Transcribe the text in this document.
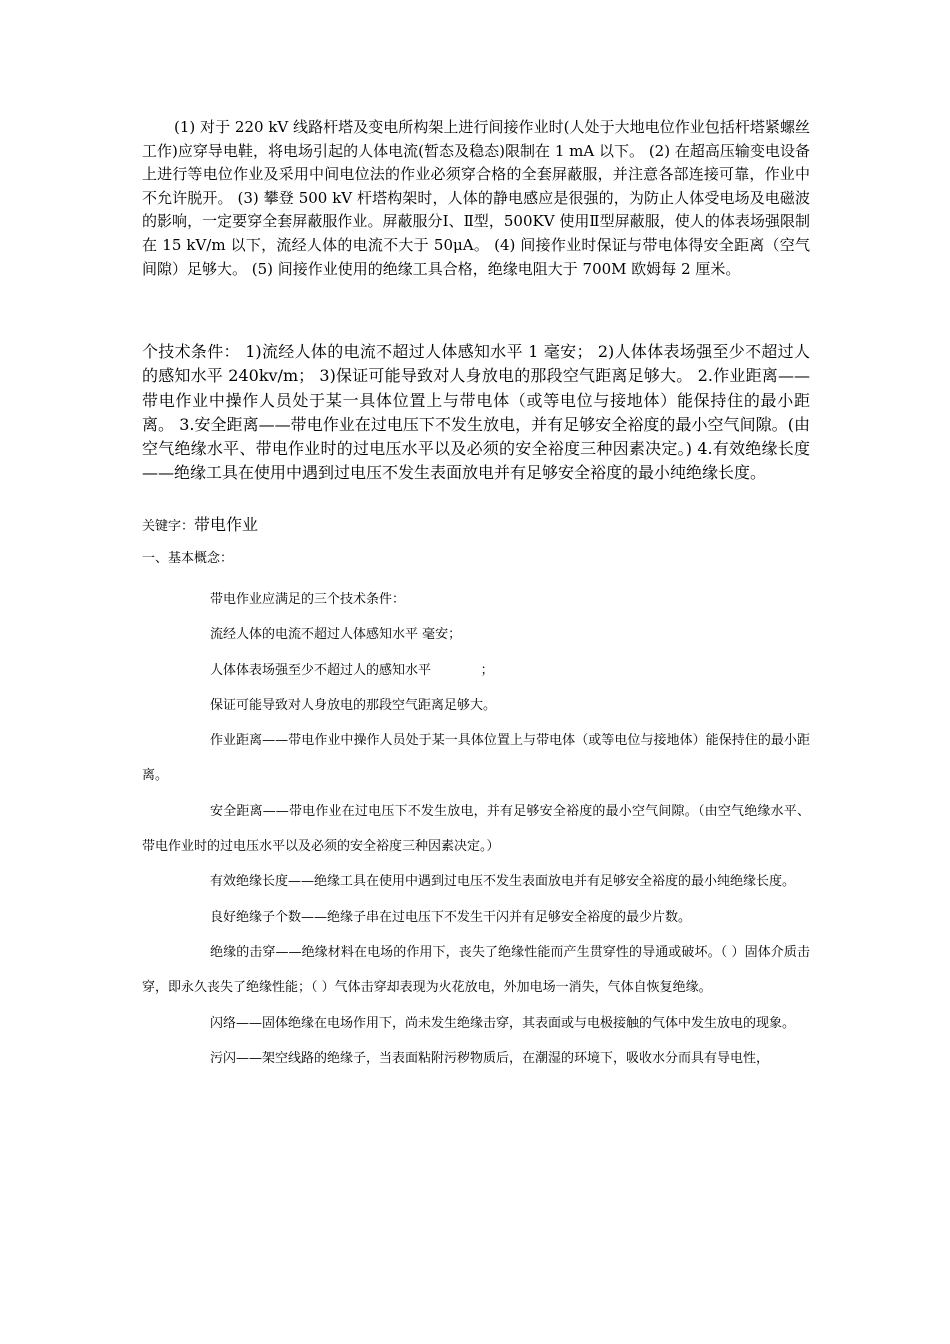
(1) 对于 220 kV 线路杆塔及变电所构架上进行间接作业时(人处于大地电位作业包括杆塔紧螺丝工作)应穿导电鞋，将电场引起的人体电流(暂态及稳态)限制在 1 mA 以下。 (2) 在超高压输变电设备上进行等电位作业及采用中间电位法的作业必须穿合格的全套屏蔽服，并注意各部连接可靠，作业中不允许脱开。 (3) 攀登 500 kV 杆塔构架时，人体的静电感应是很强的，为防止人体受电场及电磁波的影响，一定要穿全套屏蔽服作业。屏蔽服分Ⅰ、Ⅱ型，500KV 使用Ⅱ型屏蔽服，使人的体表场强限制在 15 kV/m 以下，流经人体的电流不大于 50μA。 (4) 间接作业时保证与带电体得安全距离（空气间隙）足够大。 (5) 间接作业使用的绝缘工具合格，绝缘电阻大于 700M 欧姆每 2 厘米。

个技术条件： 1)流经人体的电流不超过人体感知水平 1 毫安； 2)人体体表场强至少不超过人的感知水平 240kv/m； 3)保证可能导致对人身放电的那段空气距离足够大。 2.作业距离——带电作业中操作人员处于某一具体位置上与带电体（或等电位与接地体）能保持住的最小距离。 3.安全距离——带电作业在过电压下不发生放电，并有足够安全裕度的最小空气间隙。(由空气绝缘水平、带电作业时的过电压水平以及必须的安全裕度三种因素决定。) 4.有效绝缘长度——绝缘工具在使用中遇到过电压不发生表面放电并有足够安全裕度的最小纯绝缘长度。

关键字：带电作业
一、基本概念：

带电作业应满足的三个技术条件：

流经人体的电流不超过人体感知水平 毫安；

人体体表场强至少不超过人的感知水平            ；

保证可能导致对人身放电的那段空气距离足够大。

作业距离——带电作业中操作人员处于某一具体位置上与带电体（或等电位与接地体）能保持住的最小距离。

安全距离——带电作业在过电压下不发生放电，并有足够安全裕度的最小空气间隙。（由空气绝缘水平、带电作业时的过电压水平以及必须的安全裕度三种因素决定。）

有效绝缘长度——绝缘工具在使用中遇到过电压不发生表面放电并有足够安全裕度的最小纯绝缘长度。

良好绝缘子个数——绝缘子串在过电压下不发生干闪并有足够安全裕度的最少片数。

绝缘的击穿——绝缘材料在电场的作用下，丧失了绝缘性能而产生贯穿性的导通或破坏。（ ）固体介质击穿，即永久丧失了绝缘性能；（ ）气体击穿却表现为火花放电，外加电场一消失，气体自恢复绝缘。

闪络——固体绝缘在电场作用下，尚未发生绝缘击穿，其表面或与电极接触的气体中发生放电的现象。

污闪——架空线路的绝缘子，当表面粘附污秽物质后，在潮湿的环境下，吸收水分而具有导电性，
